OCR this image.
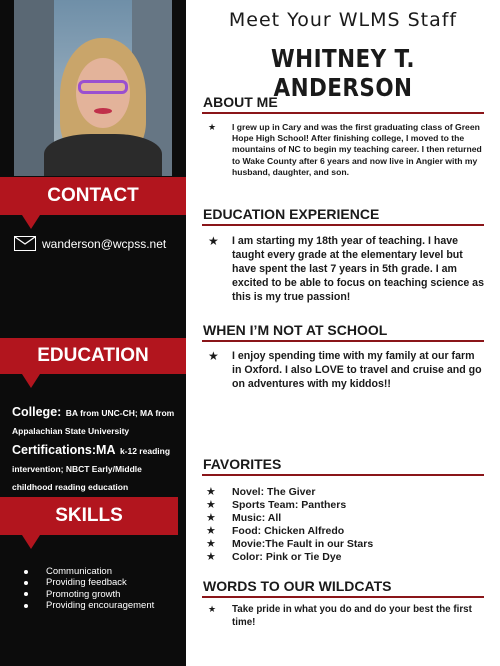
CONTACT
wanderson@wcpss.net
EDUCATION
College: BA from UNC-CH; MA from Appalachian State University
Certifications:MA k-12 reading intervention; NBCT Early/Middle childhood reading education
SKILLS
Communication
Providing feedback
Promoting growth
Providing encouragement
Meet Your WLMS Staff
WHITNEY T. ANDERSON
ABOUT ME
★	I grew up in Cary and was the first graduating class of Green Hope High School! After finishing college, I moved to the mountains of NC to begin my teaching career. I then returned to Wake County after 6 years and now live in Angier with my husband, daughter, and son.
EDUCATION EXPERIENCE
★	I am starting my 18th year of teaching. I have taught every grade at the elementary level but have spent the last 7 years in 5th grade. I am excited to be able to focus on teaching science as this is my true passion!
WHEN I’M NOT AT SCHOOL
★	I enjoy spending time with my family at our farm in Oxford. I also LOVE to travel and cruise and go on adventures with my kiddos!!
FAVORITES
★	Novel: The Giver
★	Sports Team: Panthers
★	Music: All
★	Food: Chicken Alfredo
★	Movie:The Fault in our Stars
★	Color: Pink or Tie Dye
WORDS TO OUR WILDCATS
★	Take pride in what you do and do your best the first time!
